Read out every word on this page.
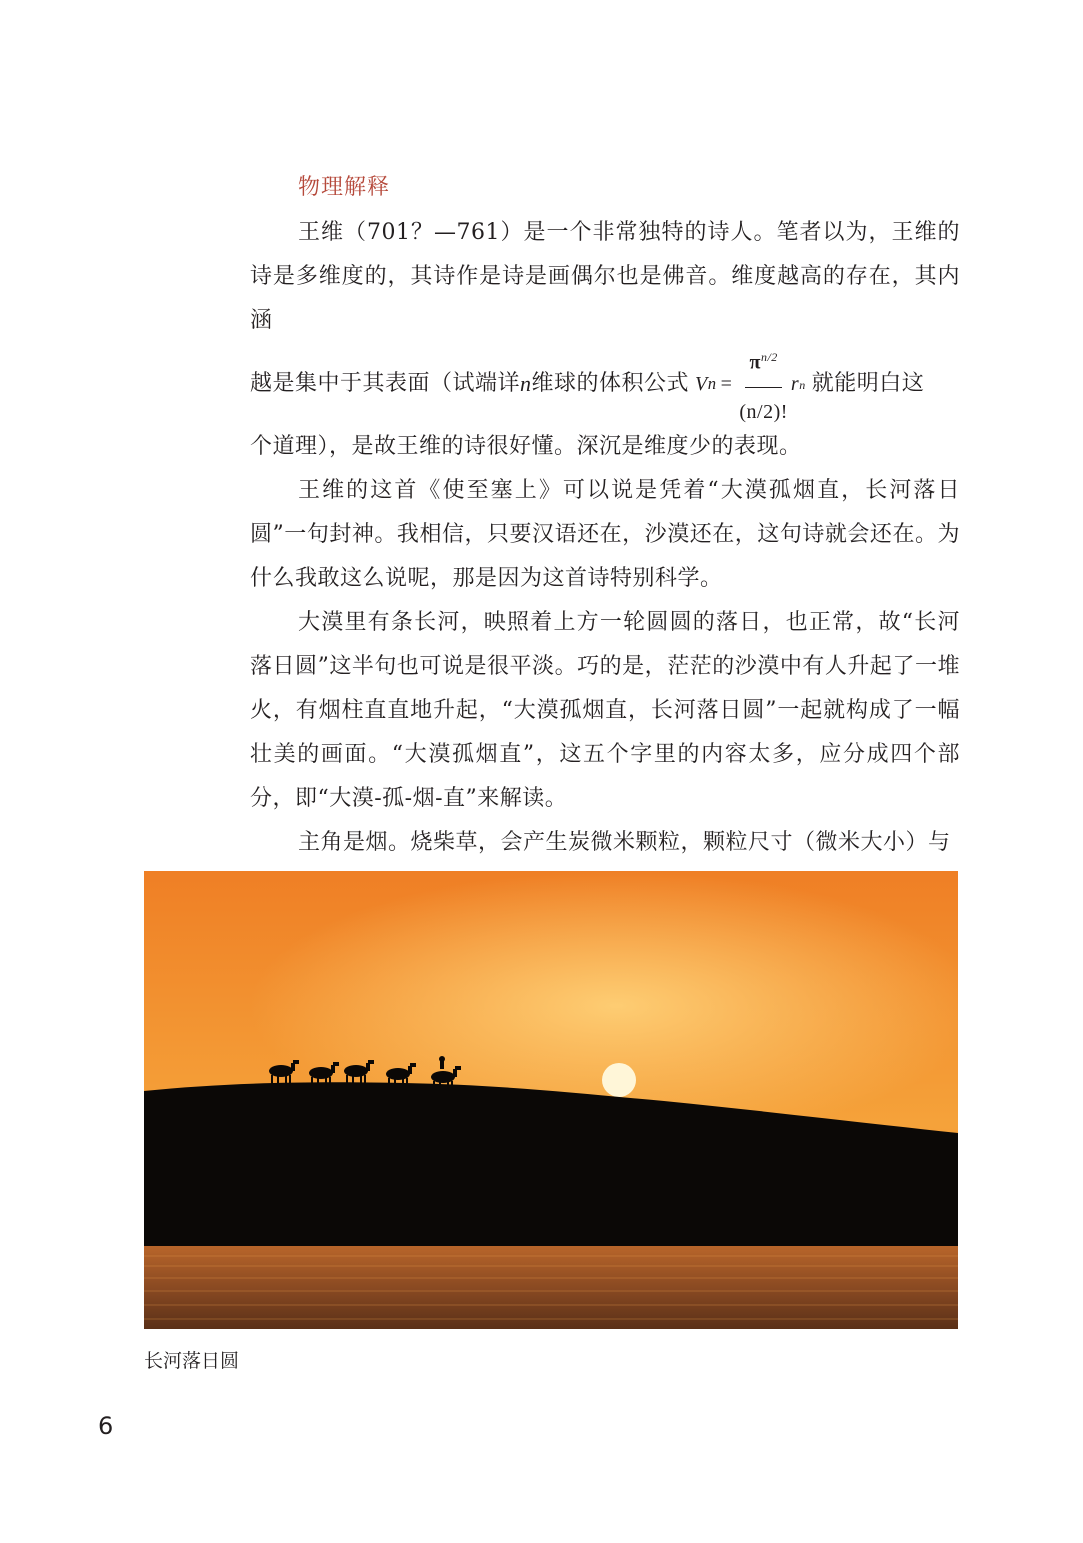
物理解释

王维（701？—761）是一个非常独特的诗人。笔者以为，王维的诗是多维度的，其诗作是诗是画偶尔也是佛音。维度越高的存在，其内涵

越是集中于其表面（试端详 n 维球的体积公式 V $n = \frac{\pi^{n/2}}{(n/2)!}$ r n 就能明白这

个道理），是故王维的诗很好懂。深沉是维度少的表现。

王维的这首《使至塞上》可以说是凭着“大漠孤烟直，长河落日圆”一句封神。我相信，只要汉语还在，沙漠还在，这句诗就会还在。为什么我敢这么说呢，那是因为这首诗特别科学。

大漠里有条长河，映照着上方一轮圆圆的落日，也正常，故“长河落日圆”这半句也可说是很平淡。巧的是，茫茫的沙漠中有人升起了一堆火，有烟柱直直地升起，“大漠孤烟直，长河落日圆”一起就构成了一幅壮美的画面。“大漠孤烟直”，这五个字里的内容太多，应分成四个部分，即“大漠-孤-烟-直”来解读。

主角是烟。烧柴草，会产生炭微米颗粒，颗粒尺寸（微米大小）与

长河落日圆
6
